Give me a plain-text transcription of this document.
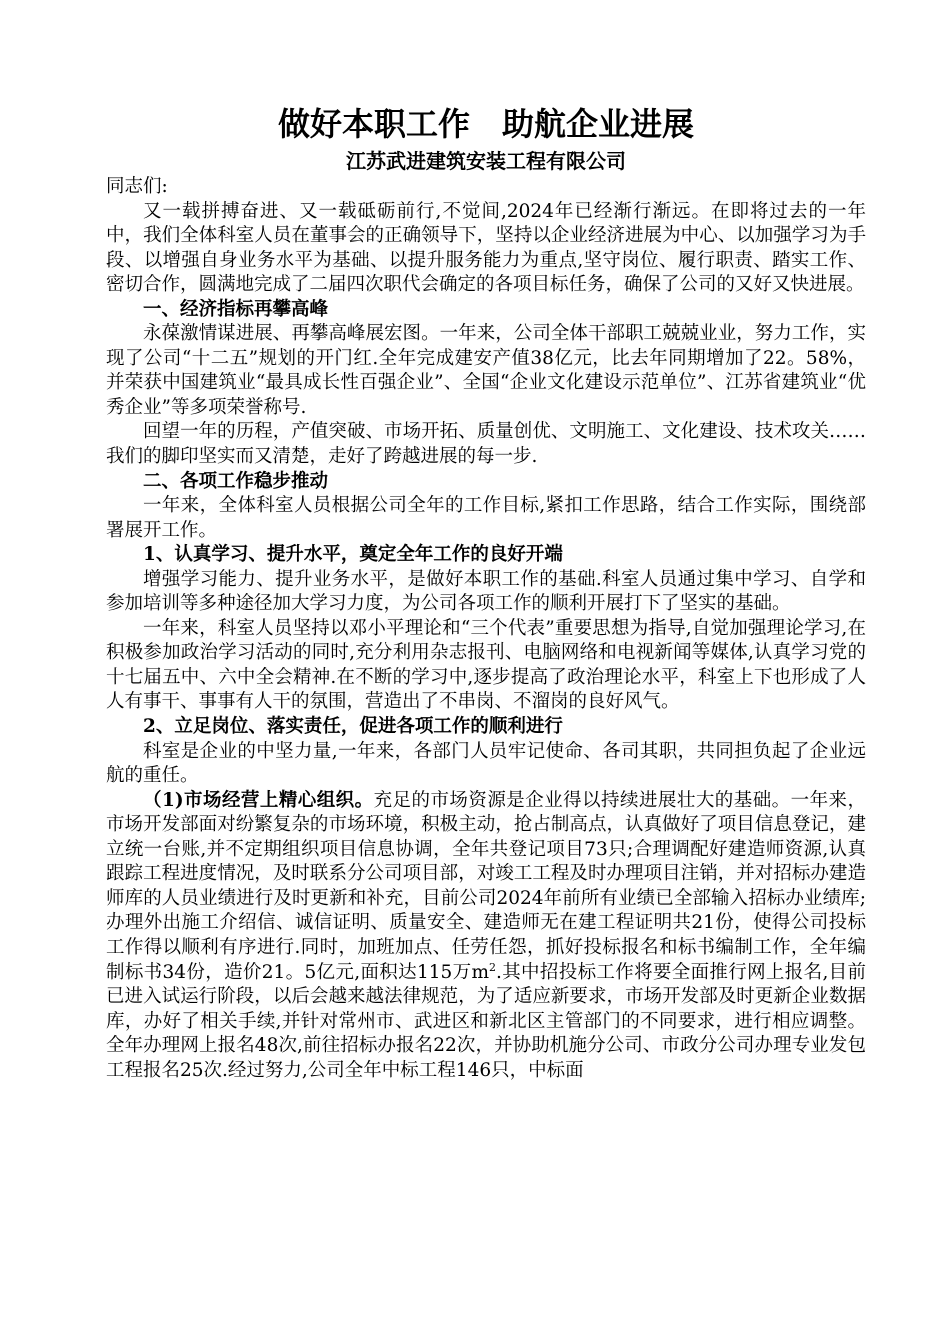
做好本职工作　助航企业进展

江苏武进建筑安装工程有限公司

同志们:

又一载拼搏奋进、又一载砥砺前行,不觉间,2024年已经渐行渐远。在即将过去的一年中，我们全体科室人员在董事会的正确领导下，坚持以企业经济进展为中心、以加强学习为手段、以增强自身业务水平为基础、以提升服务能力为重点,坚守岗位、履行职责、踏实工作、密切合作，圆满地完成了二届四次职代会确定的各项目标任务，确保了公司的又好又快进展。

一、经济指标再攀高峰

永葆激情谋进展、再攀高峰展宏图。一年来，公司全体干部职工兢兢业业，努力工作，实现了公司“十二五”规划的开门红.全年完成建安产值38亿元，比去年同期增加了22。58%，并荣获中国建筑业“最具成长性百强企业”、全国“企业文化建设示范单位”、江苏省建筑业“优秀企业”等多项荣誉称号.

回望一年的历程，产值突破、市场开拓、质量创优、文明施工、文化建设、技术攻关……我们的脚印坚实而又清楚，走好了跨越进展的每一步.

二、各项工作稳步推动

一年来，全体科室人员根据公司全年的工作目标,紧扣工作思路，结合工作实际，围绕部署展开工作。

1、认真学习、提升水平，奠定全年工作的良好开端

增强学习能力、提升业务水平，是做好本职工作的基础.科室人员通过集中学习、自学和参加培训等多种途径加大学习力度，为公司各项工作的顺利开展打下了坚实的基础。

一年来，科室人员坚持以邓小平理论和“三个代表”重要思想为指导,自觉加强理论学习,在积极参加政治学习活动的同时,充分利用杂志报刊、电脑网络和电视新闻等媒体,认真学习党的十七届五中、六中全会精神.在不断的学习中,逐步提高了政治理论水平，科室上下也形成了人人有事干、事事有人干的氛围，营造出了不串岗、不溜岗的良好风气。

2、立足岗位、落实责任，促进各项工作的顺利进行

科室是企业的中坚力量,一年来，各部门人员牢记使命、各司其职，共同担负起了企业远航的重任。

（1)市场经营上精心组织。充足的市场资源是企业得以持续进展壮大的基础。一年来，市场开发部面对纷繁复杂的市场环境，积极主动，抢占制高点，认真做好了项目信息登记，建立统一台账,并不定期组织项目信息协调，全年共登记项目73只;合理调配好建造师资源,认真跟踪工程进度情况，及时联系分公司项目部，对竣工工程及时办理项目注销，并对招标办建造师库的人员业绩进行及时更新和补充，目前公司2024年前所有业绩已全部输入招标办业绩库;办理外出施工介绍信、诚信证明、质量安全、建造师无在建工程证明共21份，使得公司投标工作得以顺利有序进行.同时，加班加点、任劳任怨，抓好投标报名和标书编制工作，全年编制标书34份，造价21。5亿元,面积达115万$m^2$.其中招投标工作将要全面推行网上报名,目前已进入试运行阶段，以后会越来越法律规范，为了适应新要求，市场开发部及时更新企业数据库，办好了相关手续,并针对常州市、武进区和新北区主管部门的不同要求，进行相应调整。全年办理网上报名48次,前往招标办报名22次，并协助机施分公司、市政分公司办理专业发包工程报名25次.经过努力,公司全年中标工程146只，中标面
